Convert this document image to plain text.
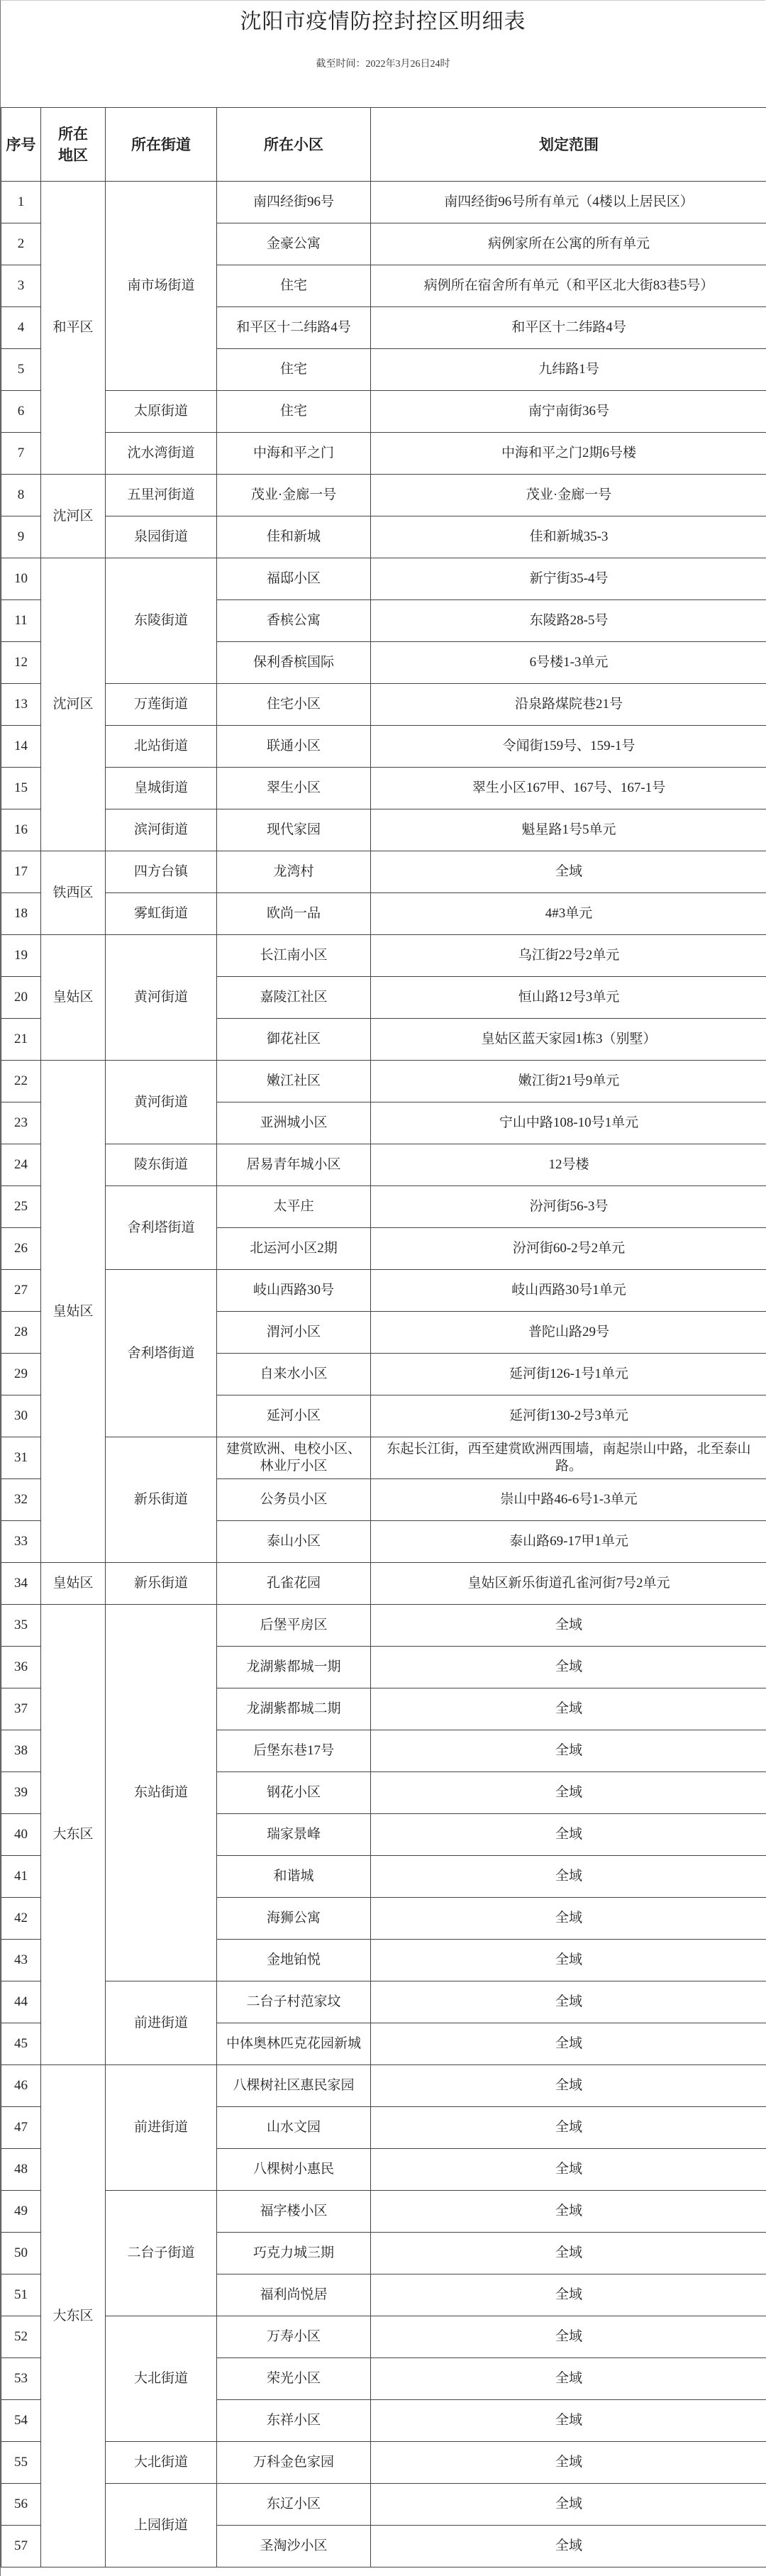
沈阳市疫情防控封控区明细表
截至时间：2022年3月26日24时
序号	所在地区	所在街道	所在小区	划定范围
1	和平区	南市场街道	南四经街96号	南四经街96号所有单元（4楼以上居民区）
2			金豪公寓	病例家所在公寓的所有单元
3			住宅	病例所在宿舍所有单元（和平区北大街83巷5号）
4			和平区十二纬路4号	和平区十二纬路4号
5			住宅	九纬路1号
6		太原街道	住宅	南宁南街36号
7		沈水湾街道	中海和平之门	中海和平之门2期6号楼
8	沈河区	五里河街道	茂业·金廊一号	茂业·金廊一号
9		泉园街道	佳和新城	佳和新城35-3
10	沈河区	东陵街道	福邸小区	新宁街35-4号
11			香槟公寓	东陵路28-5号
12			保利香槟国际	6号楼1-3单元
13		万莲街道	住宅小区	沿泉路煤院巷21号
14		北站街道	联通小区	令闻街159号、159-1号
15		皇城街道	翠生小区	翠生小区167甲、167号、167-1号
16		滨河街道	现代家园	魁星路1号5单元
17	铁西区	四方台镇	龙湾村	全域
18		雾虹街道	欧尚一品	4#3单元
19	皇姑区	黄河街道	长江南小区	乌江街22号2单元
20			嘉陵江社区	恒山路12号3单元
21			御花社区	皇姑区蓝天家园1栋3（别墅）
22	皇姑区	黄河街道	嫩江社区	嫩江街21号9单元
23			亚洲城小区	宁山中路108-10号1单元
24		陵东街道	居易青年城小区	12号楼
25		舍利塔街道	太平庄	汾河街56-3号
26			北运河小区2期	汾河街60-2号2单元
27		舍利塔街道	岐山西路30号	岐山西路30号1单元
28			渭河小区	普陀山路29号
29			自来水小区	延河街126-1号1单元
30			延河小区	延河街130-2号3单元
31		新乐街道	建赏欧洲、电校小区、林业厅小区	东起长江街，西至建赏欧洲西围墙，南起崇山中路，北至泰山路。
32			公务员小区	崇山中路46-6号1-3单元
33			泰山小区	泰山路69-17甲1单元
34	皇姑区	新乐街道	孔雀花园	皇姑区新乐街道孔雀河街7号2单元
35	大东区	东站街道	后堡平房区	全域
36			龙湖紫都城一期	全域
37			龙湖紫都城二期	全域
38			后堡东巷17号	全域
39			钢花小区	全域
40			瑞家景峰	全域
41			和谐城	全域
42			海狮公寓	全域
43			金地铂悦	全域
44		前进街道	二台子村范家坟	全域
45			中体奥林匹克花园新城	全域
46	大东区	前进街道	八棵树社区惠民家园	全域
47			山水文园	全域
48			八棵树小惠民	全域
49		二台子街道	福字楼小区	全域
50			巧克力城三期	全域
51			福利尚悦居	全域
52		大北街道	万寿小区	全域
53			荣光小区	全域
54			东祥小区	全域
55		大北街道	万科金色家园	全域
56		上园街道	东辽小区	全域
57			圣淘沙小区	全域
